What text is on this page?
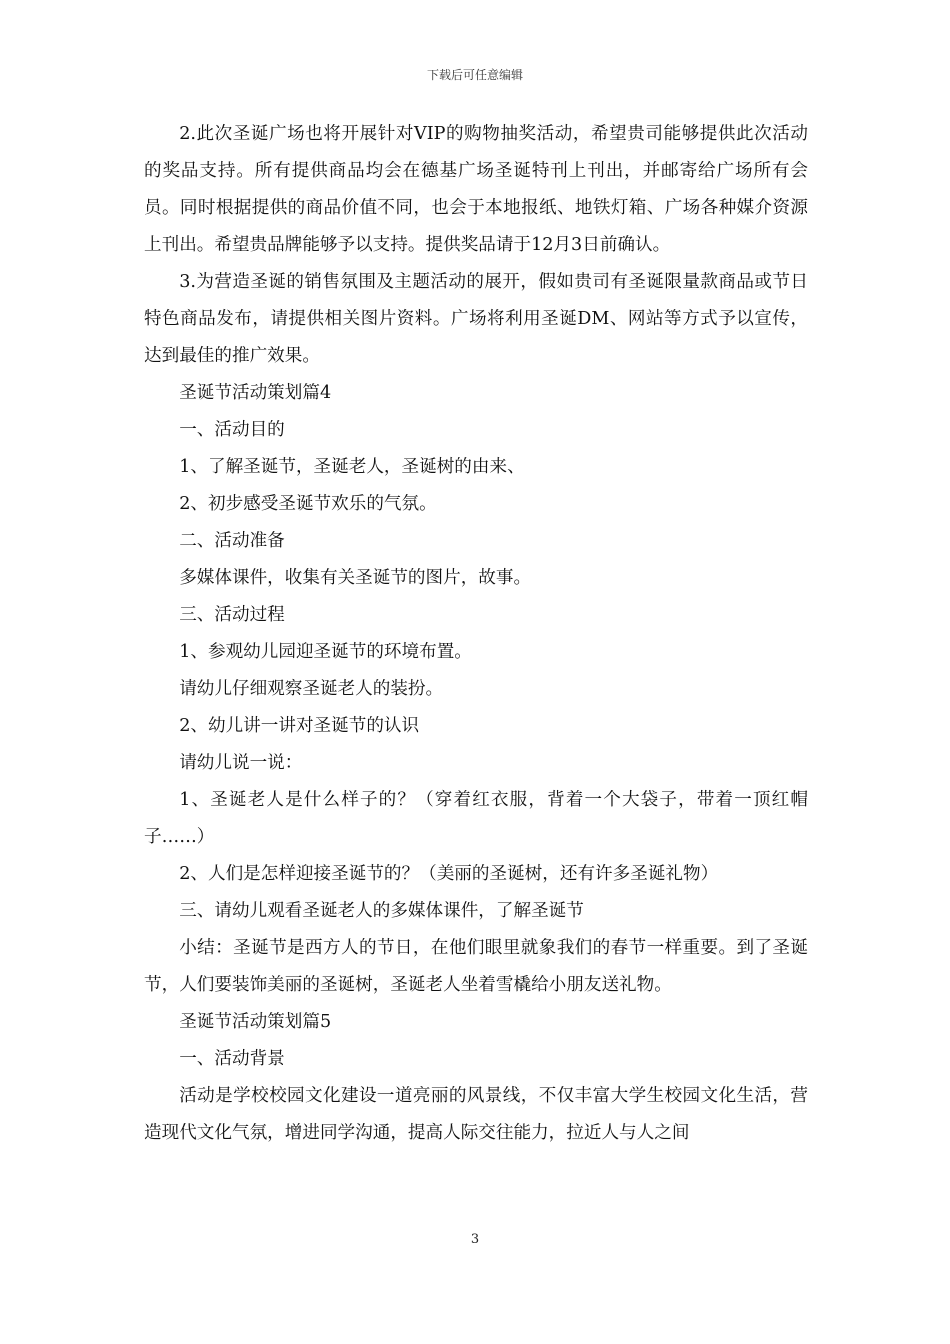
下载后可任意编辑

2.此次圣诞广场也将开展针对VIP的购物抽奖活动，希望贵司能够提供此次活动的奖品支持。所有提供商品均会在德基广场圣诞特刊上刊出，并邮寄给广场所有会员。同时根据提供的商品价值不同，也会于本地报纸、地铁灯箱、广场各种媒介资源上刊出。希望贵品牌能够予以支持。提供奖品请于12月3日前确认。

3.为营造圣诞的销售氛围及主题活动的展开，假如贵司有圣诞限量款商品或节日特色商品发布，请提供相关图片资料。广场将利用圣诞DM、网站等方式予以宣传，达到最佳的推广效果。

圣诞节活动策划篇4

一、活动目的

1、了解圣诞节，圣诞老人，圣诞树的由来、

2、初步感受圣诞节欢乐的气氛。

二、活动准备

多媒体课件，收集有关圣诞节的图片，故事。

三、活动过程

1、参观幼儿园迎圣诞节的环境布置。

请幼儿仔细观察圣诞老人的装扮。

2、幼儿讲一讲对圣诞节的认识

请幼儿说一说：

1、圣诞老人是什么样子的？（穿着红衣服，背着一个大袋子，带着一顶红帽子……）

2、人们是怎样迎接圣诞节的？（美丽的圣诞树，还有许多圣诞礼物）

三、请幼儿观看圣诞老人的多媒体课件，了解圣诞节

小结：圣诞节是西方人的节日，在他们眼里就象我们的春节一样重要。到了圣诞节，人们要装饰美丽的圣诞树，圣诞老人坐着雪橇给小朋友送礼物。

圣诞节活动策划篇5

一、活动背景

活动是学校校园文化建设一道亮丽的风景线，不仅丰富大学生校园文化生活，营造现代文化气氛，增进同学沟通，提高人际交往能力，拉近人与人之间

3
